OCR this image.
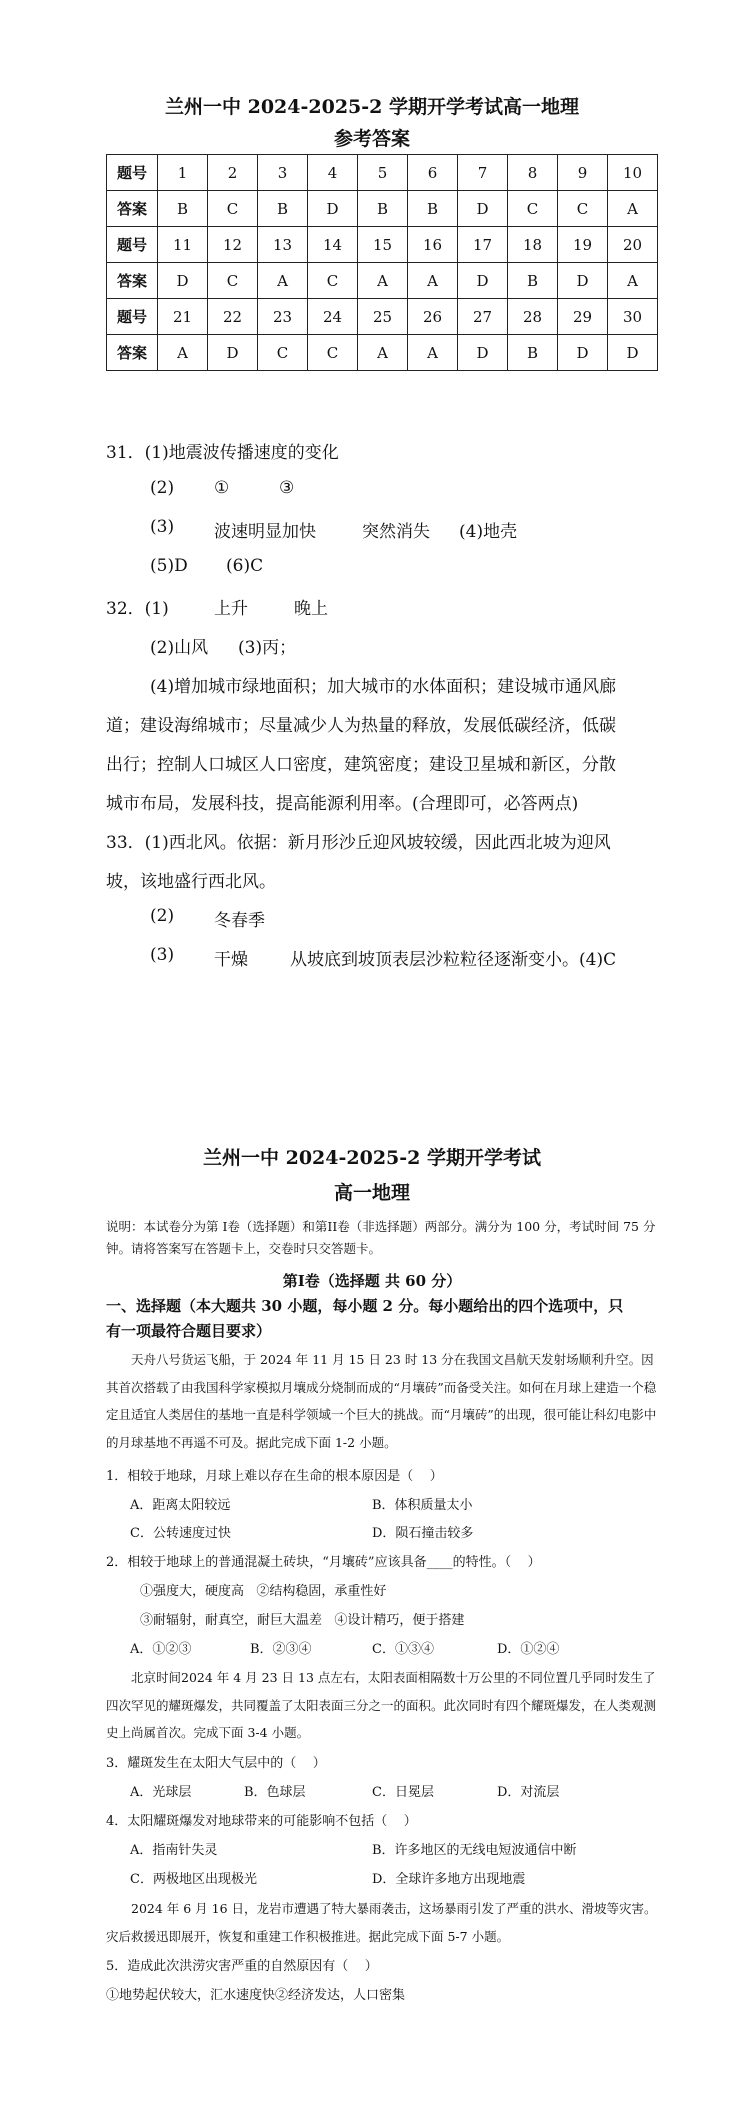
兰州一中 2024-2025-2 学期开学考试高一地理
参考答案
题号	1	2	3	4	5	6	7	8	9	10
答案	B	C	B	D	B	B	D	C	C	A
题号	11	12	13	14	15	16	17	18	19	20
答案	D	C	A	C	A	A	D	B	D	A
题号	21	22	23	24	25	26	27	28	29	30
答案	A	D	C	C	A	A	D	B	D	D
31．(1)地震波传播速度的变化
(2) ①	③
(3) 波速明显加快	突然消失 (4)地壳
(5)D (6)C
32．(1)	上升	晚上
(2)山风 (3)丙；
(4)增加城市绿地面积；加大城市的水体面积；建设城市通风廊
道；建设海绵城市；尽量减少人为热量的释放，发展低碳经济，低碳
出行；控制人口城区人口密度，建筑密度；建设卫星城和新区，分散
城市布局，发展科技，提高能源利用率。(合理即可，必答两点)
33．(1)西北风。依据：新月形沙丘迎风坡较缓，因此西北坡为迎风
坡，该地盛行西北风。
(2) 冬春季
(3) 干燥 从坡底到坡顶表层沙粒粒径逐渐变小。(4)C
兰州一中 2024-2025-2 学期开学考试
高一地理
说明：本试卷分为第 I卷（选择题）和第II卷（非选择题）两部分。满分为 100 分，考试时间 75 分钟。请将答案写在答题卡上，交卷时只交答题卡。
第I卷（选择题 共 60 分）
一、选择题（本大题共 30 小题，每小题 2 分。每小题给出的四个选项中，只
有一项最符合题目要求）
天舟八号货运飞船，于 2024 年 11 月 15 日 23 时 13 分在我国文昌航天发射场顺利升空。因其首次搭载了由我国科学家模拟月壤成分烧制而成的“月壤砖”而备受关注。如何在月球上建造一个稳定且适宜人类居住的基地一直是科学领域一个巨大的挑战。而“月壤砖”的出现，很可能让科幻电影中的月球基地不再遥不可及。据此完成下面 1-2 小题。
1．相较于地球，月球上难以存在生命的根本原因是（    ）
A．距离太阳较远	B．体积质量太小
C．公转速度过快	D．陨石撞击较多
2．相较于地球上的普通混凝土砖块，“月壤砖”应该具备____的特性。（    ）
①强度大，硬度高   ②结构稳固，承重性好
③耐辐射，耐真空，耐巨大温差   ④设计精巧，便于搭建
A．①②③	B．②③④	C．①③④	D．①②④
北京时间2024 年 4 月 23 日 13 点左右，太阳表面相隔数十万公里的不同位置几乎同时发生了四次罕见的耀斑爆发，共同覆盖了太阳表面三分之一的面积。此次同时有四个耀斑爆发，在人类观测史上尚属首次。完成下面 3-4 小题。
3．耀斑发生在太阳大气层中的（    ）
A．光球层	B．色球层	C．日冕层	D．对流层
4．太阳耀斑爆发对地球带来的可能影响不包括（    ）
A．指南针失灵	B．许多地区的无线电短波通信中断
C．两极地区出现极光	D．全球许多地方出现地震
2024 年 6 月 16 日，龙岩市遭遇了特大暴雨袭击，这场暴雨引发了严重的洪水、滑坡等灾害。灾后救援迅即展开，恢复和重建工作积极推进。据此完成下面 5-7 小题。
5．造成此次洪涝灾害严重的自然原因有（    ）
①地势起伏较大，汇水速度快②经济发达，人口密集
